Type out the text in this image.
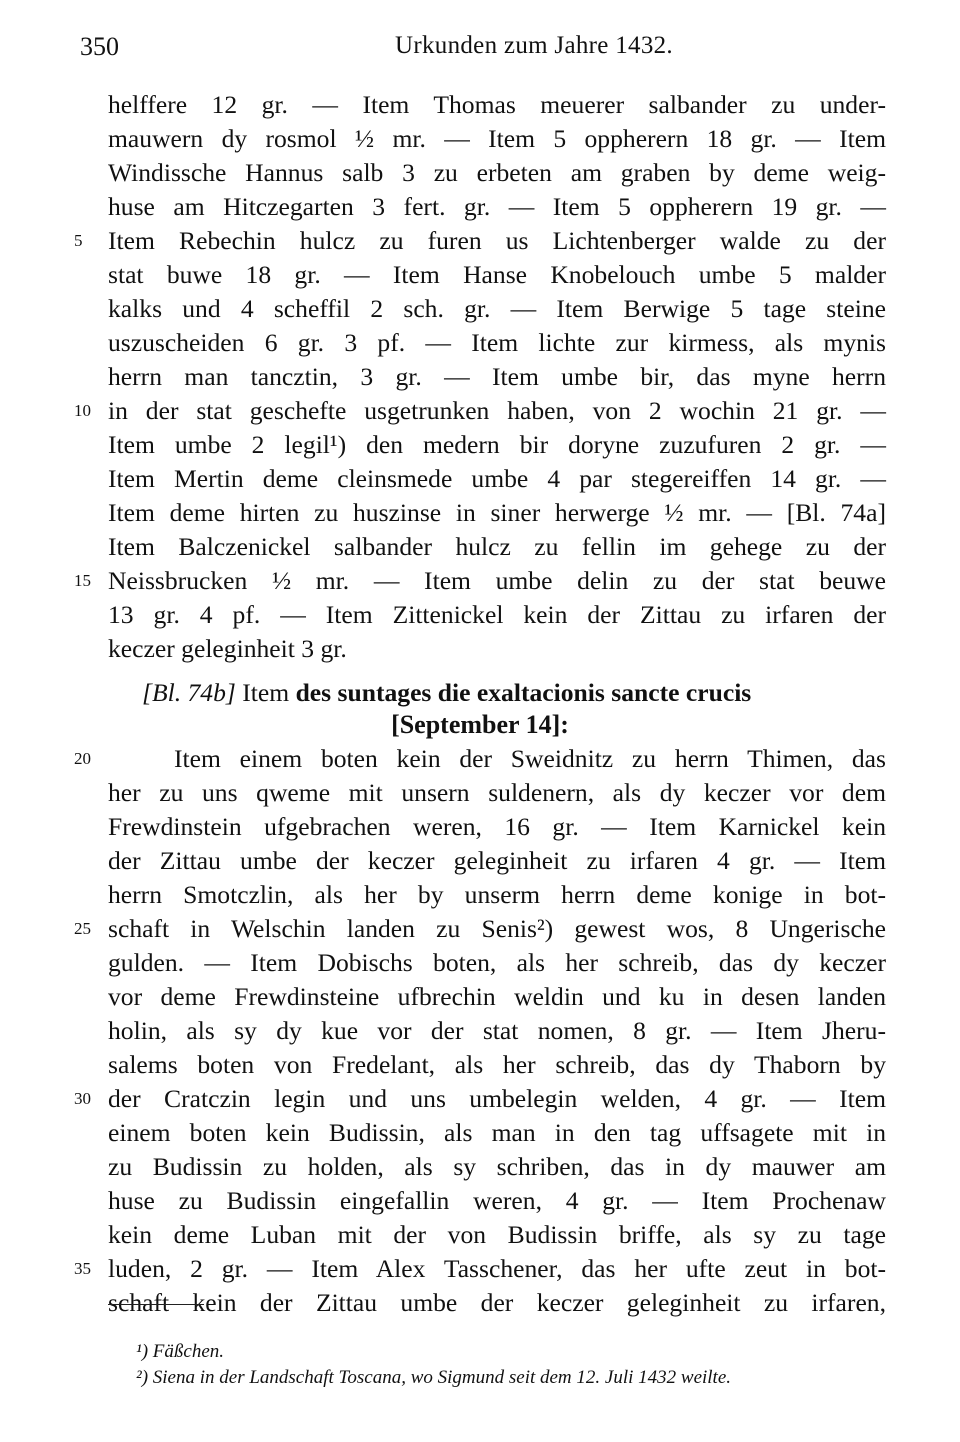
350	Urkunden zum Jahre 1432.

helffere 12 gr. — Item Thomas meuerer salbander zu under-

mauwern dy rosmol ½ mr. — Item 5 oppherern 18 gr. — Item

Windissche Hannus salb 3 zu erbeten am graben by deme weig-

huse am Hitczegarten 3 fert. gr. — Item 5 oppherern 19 gr. —

Item Rebechin hulcz zu furen us Lichtenberger walde zu der

stat buwe 18 gr. — Item Hanse Knobelouch umbe 5 malder

kalks und 4 scheffil 2 sch. gr. — Item Berwige 5 tage steine

uszuscheiden 6 gr. 3 pf. — Item lichte zur kirmess, als mynis

herrn man tancztin, 3 gr. — Item umbe bir, das myne herrn

in der stat geschefte usgetrunken haben, von 2 wochin 21 gr. —

Item umbe 2 legil¹) den medern bir doryne zuzufuren 2 gr. —

Item Mertin deme cleinsmede umbe 4 par stegereiffen 14 gr. —

Item deme hirten zu huszinse in siner herwerge ½ mr. — [Bl. 74a]

Item Balczenickel salbander hulcz zu fellin im gehege zu der

Neissbrucken ½ mr. — Item umbe delin zu der stat beuwe

13 gr. 4 pf. — Item Zittenickel kein der Zittau zu irfaren der

keczer geleginheit 3 gr.

5

10

15

[Bl. 74b] Item des suntages die exaltacionis sancte crucis
[September 14]:

Item einem boten kein der Sweidnitz zu herrn Thimen, das

her zu uns qweme mit unsern suldenern, als dy keczer vor dem

Frewdinstein ufgebrachen weren, 16 gr. — Item Karnickel kein

der Zittau umbe der keczer geleginheit zu irfaren 4 gr. — Item

herrn Smotczlin, als her by unserm herrn deme konige in bot-

schaft in Welschin landen zu Senis²) gewest wos, 8 Ungerische

gulden. — Item Dobischs boten, als her schreib, das dy keczer

vor deme Frewdinsteine ufbrechin weldin und ku in desen landen

holin, als sy dy kue vor der stat nomen, 8 gr. — Item Jheru-

salems boten von Fredelant, als her schreib, das dy Thaborn by

der Cratczin legin und uns umbelegin welden, 4 gr. — Item

einem boten kein Budissin, als man in den tag uffsagete mit in

zu Budissin zu holden, als sy schriben, das in dy mauwer am

huse zu Budissin eingefallin weren, 4 gr. — Item Prochenaw

kein deme Luban mit der von Budissin briffe, als sy zu tage

luden, 2 gr. — Item Alex Tasschener, das her ufte zeut in bot-

schaft kein der Zittau umbe der keczer geleginheit zu irfaren,

20

25

30

35

¹) Fäßchen.
²) Siena in der Landschaft Toscana, wo Sigmund seit dem 12. Juli 1432 weilte.
